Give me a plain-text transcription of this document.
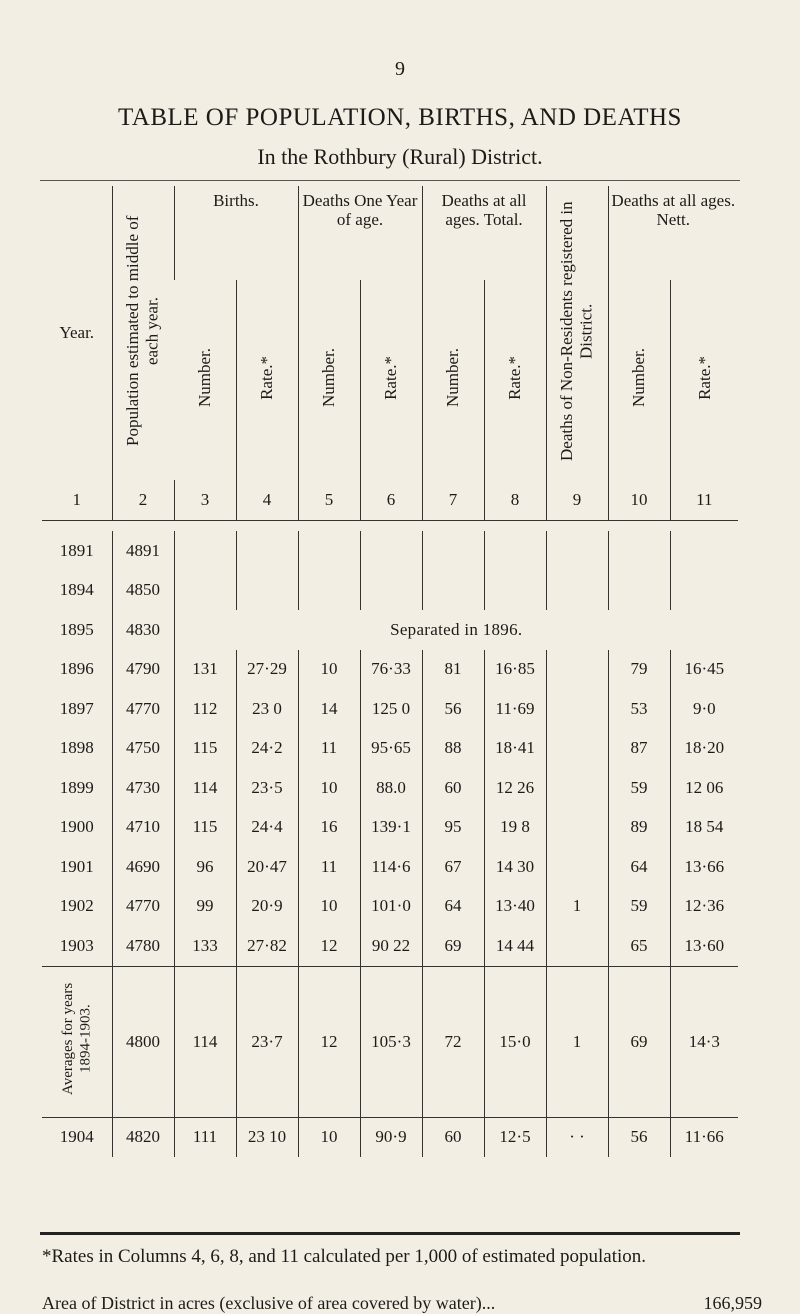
9
TABLE OF POPULATION, BIRTHS, AND DEATHS
In the Rothbury (Rural) District.
Year.	Population estimated to middle of each year.	Births.		Deaths One Year of age.		Deaths at all ages. Total.		Deaths of Non-Residents registered in District.	Deaths at all ages. Nett.	
		Number.	Rate.*	Number.	Rate.*	Number.	Rate.*		Number.	Rate.*
1	2	3	4	5	6	7	8	9	10	11

1891	4891									
1894	4850									
1895	4830	Separated in 1896.								
1896	4790	131	27·29	10	76·33	81	16·85		79	16·45
1897	4770	112	23 0	14	125 0	56	11·69		53	9·0
1898	4750	115	24·2	11	95·65	88	18·41		87	18·20
1899	4730	114	23·5	10	88.0	60	12 26		59	12 06
1900	4710	115	24·4	16	139·1	95	19 8		89	18 54
1901	4690	96	20·47	11	114·6	67	14 30		64	13·66
1902	4770	99	20·9	10	101·0	64	13·40	1	59	12·36
1903	4780	133	27·82	12	90 22	69	14 44		65	13·60
Averages for years 1894-1903.	4800	114	23·7	12	105·3	72	15·0	1	69	14·3
1904	4820	111	23 10	10	90·9	60	12·5	· ·	56	11·66
*Rates in Columns 4, 6, 8, and 11 calculated per 1,000 of estimated population.
Area of District in acres (exclusive of area covered by water)...	166,959
